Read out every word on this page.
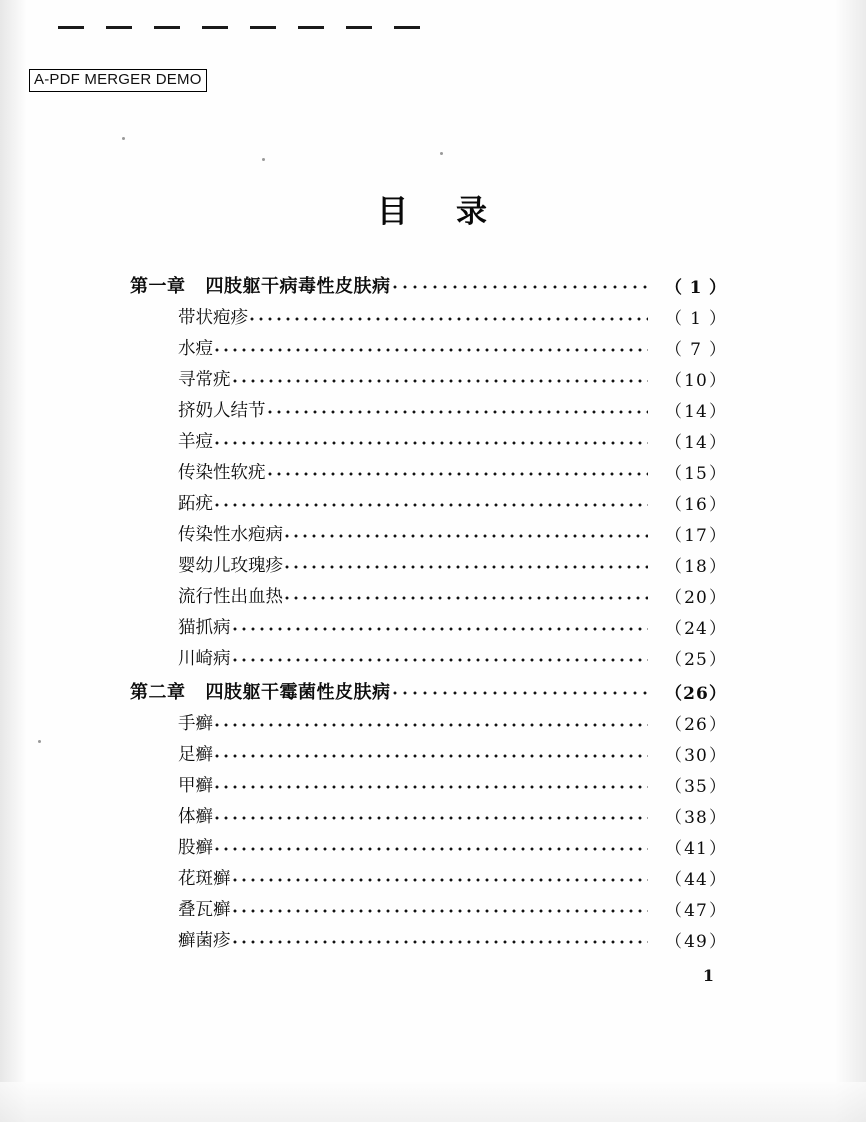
A-PDF MERGER DEMO
目 录
第一章 四肢躯干病毒性皮肤病	（ 1 ）
带状疱疹	（ 1 ）
水痘	（ 7 ）
寻常疣	（10）
挤奶人结节	（14）
羊痘	（14）
传染性软疣	（15）
跖疣	（16）
传染性水疱病	（17）
婴幼儿玫瑰疹	（18）
流行性出血热	（20）
猫抓病	（24）
川崎病	（25）
第二章 四肢躯干霉菌性皮肤病	（26）
手癣	（26）
足癣	（30）
甲癣	（35）
体癣	（38）
股癣	（41）
花斑癣	（44）
叠瓦癣	（47）
癣菌疹	（49）
1
